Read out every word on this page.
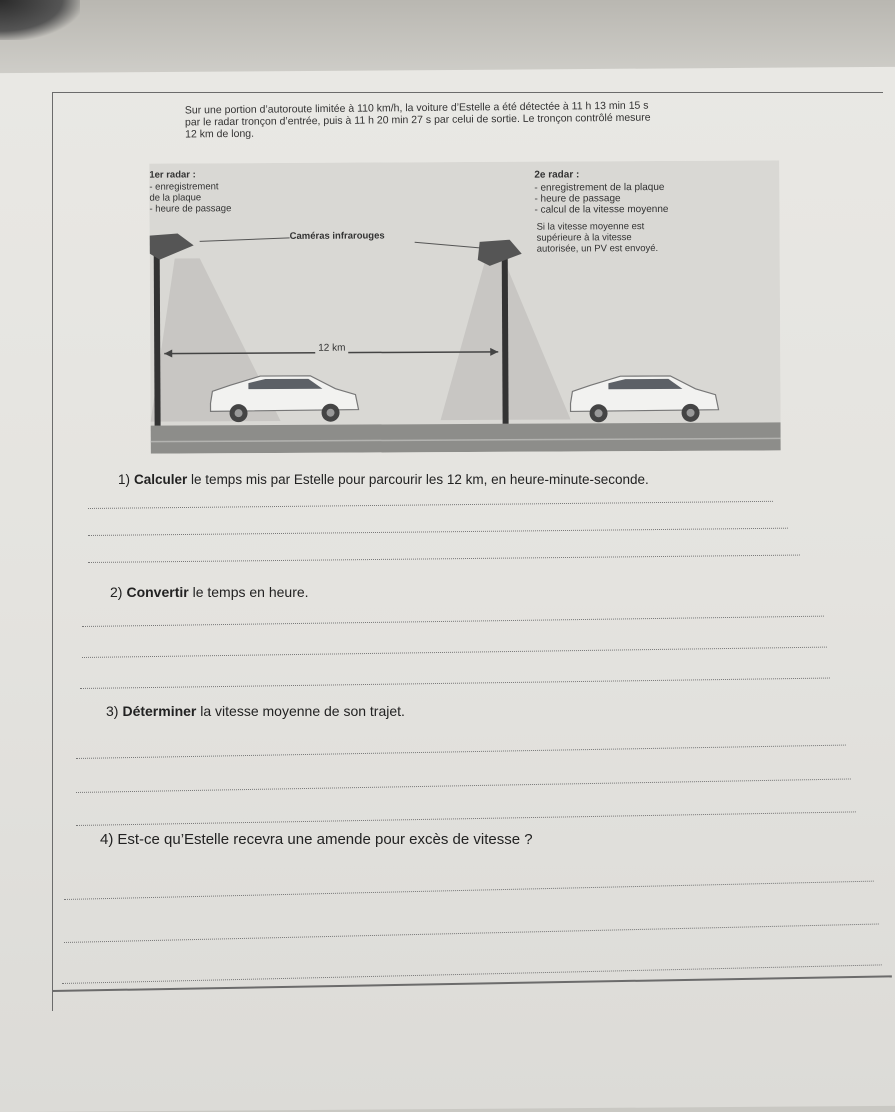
Sur une portion d’autoroute limitée à 110 km/h, la voiture d’Estelle a été détectée à 11 h 13 min 15 s par le radar tronçon d’entrée, puis à 11 h 20 min 27 s par celui de sortie. Le tronçon contrôlé mesure 12 km de long.

1er radar :
- enregistrement
de la plaque
- heure de passage
2e radar :
- enregistrement de la plaque
- heure de passage
- calcul de la vitesse moyenne
Si la vitesse moyenne est
supérieure à la vitesse
autorisée, un PV est envoyé.
Caméras infrarouges
12 km

1) Calculer le temps mis par Estelle pour parcourir les 12 km, en heure-minute-seconde.

2) Convertir le temps en heure.

3) Déterminer la vitesse moyenne de son trajet.

4) Est-ce qu’Estelle recevra une amende pour excès de vitesse ?
